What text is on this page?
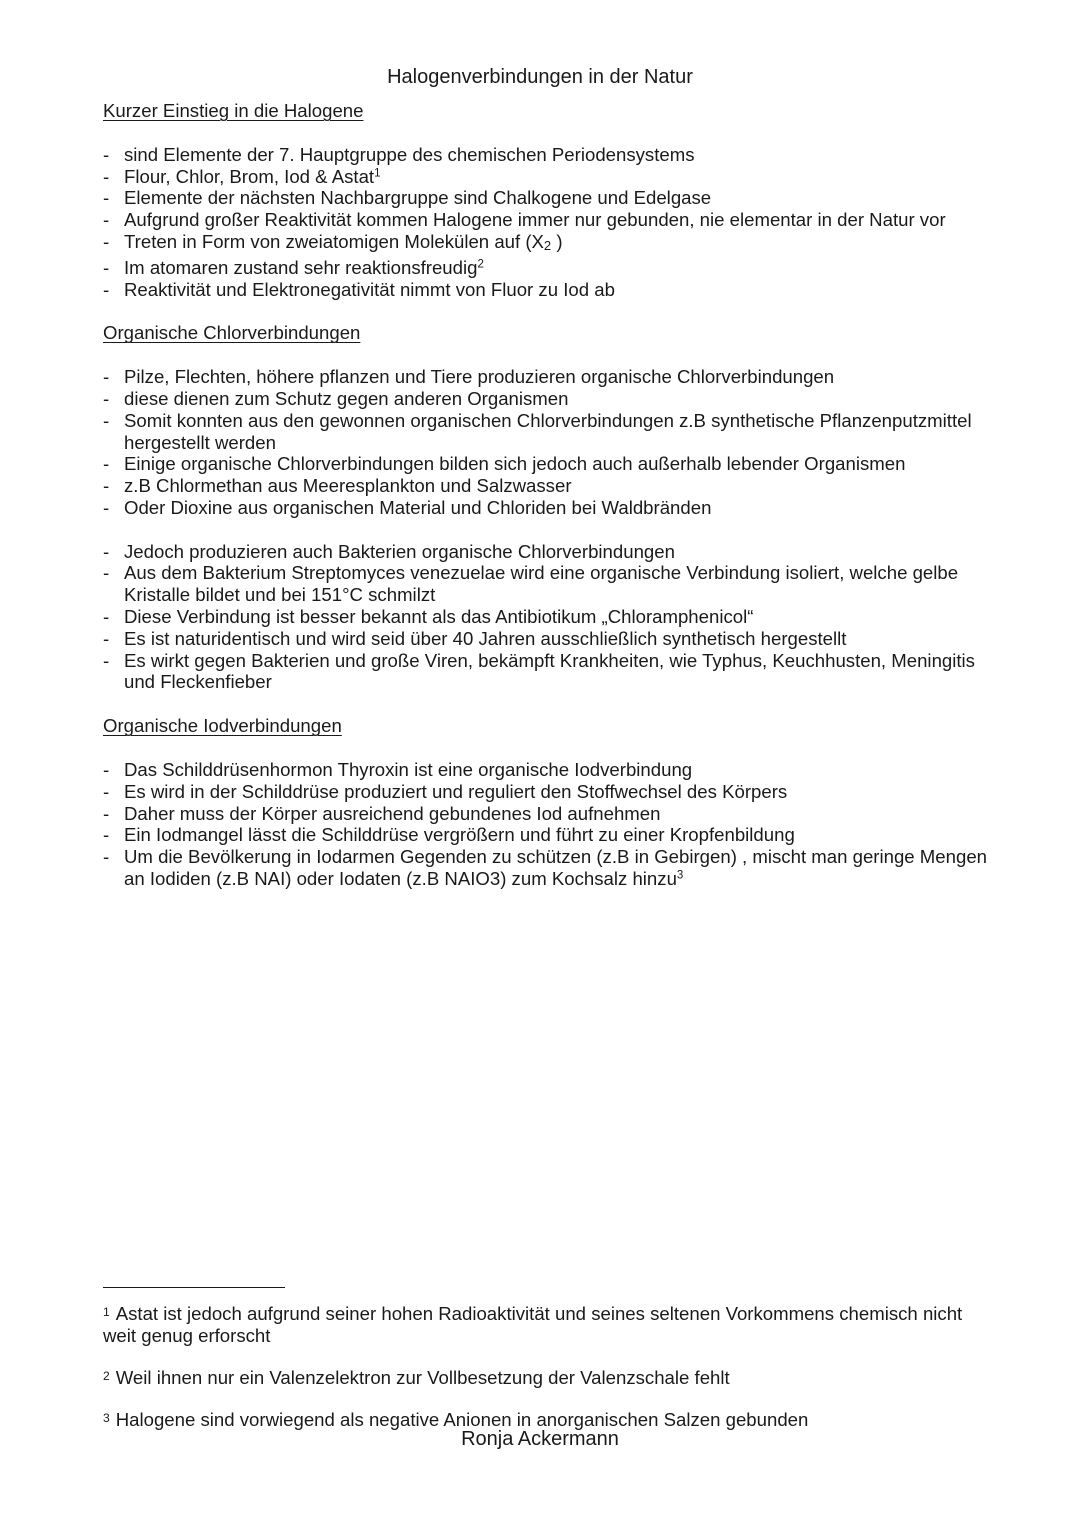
Halogenverbindungen in der Natur

Kurzer Einstieg in die Halogene

- sind Elemente der 7. Hauptgruppe des chemischen Periodensystems
- Flour, Chlor, Brom, Iod & Astat$^1$
- Elemente der nächsten Nachbargruppe sind Chalkogene und Edelgase
- Aufgrund großer Reaktivität kommen Halogene immer nur gebunden, nie elementar in der Natur vor
- Treten in Form von zweiatomigen Molekülen auf (X2 )
- Im atomaren zustand sehr reaktionsfreudig$^2$
- Reaktivität und Elektronegativität nimmt von Fluor zu Iod ab

Organische Chlorverbindungen

- Pilze, Flechten, höhere pflanzen und Tiere produzieren organische Chlorverbindungen
- diese dienen zum Schutz gegen anderen Organismen
- Somit konnten aus den gewonnen organischen Chlorverbindungen z.B synthetische Pflanzenputzmittel hergestellt werden
- Einige organische Chlorverbindungen bilden sich jedoch auch außerhalb lebender Organismen
- z.B Chlormethan aus Meeresplankton und Salzwasser
- Oder Dioxine aus organischen Material und Chloriden bei Waldbränden
- Jedoch produzieren auch Bakterien organische Chlorverbindungen
- Aus dem Bakterium Streptomyces venezuelae wird eine organische Verbindung isoliert, welche gelbe Kristalle bildet und bei 151°C schmilzt
- Diese Verbindung ist besser bekannt als das Antibiotikum „Chloramphenicol“
- Es ist naturidentisch und wird seid über 40 Jahren ausschließlich synthetisch hergestellt
- Es wirkt gegen Bakterien und große Viren, bekämpft Krankheiten, wie Typhus, Keuchhusten, Meningitis und Fleckenfieber

Organische Iodverbindungen

- Das Schilddrüsenhormon Thyroxin ist eine organische Iodverbindung
- Es wird in der Schilddrüse produziert und reguliert den Stoffwechsel des Körpers
- Daher muss der Körper ausreichend gebundenes Iod aufnehmen
- Ein Iodmangel lässt die Schilddrüse vergrößern und führt zu einer Kropfenbildung
- Um die Bevölkerung in Iodarmen Gegenden zu schützen (z.B in Gebirgen) , mischt man geringe Mengen an Iodiden (z.B NAI) oder Iodaten (z.B NAIO3) zum Kochsalz hinzu$^3$

$^1$ Astat ist jedoch aufgrund seiner hohen Radioaktivität und seines seltenen Vorkommens chemisch nicht weit genug erforscht

$^2$ Weil ihnen nur ein Valenzelektron zur Vollbesetzung der Valenzschale fehlt

$^3$ Halogene sind vorwiegend als negative Anionen in anorganischen Salzen gebunden

Ronja Ackermann
